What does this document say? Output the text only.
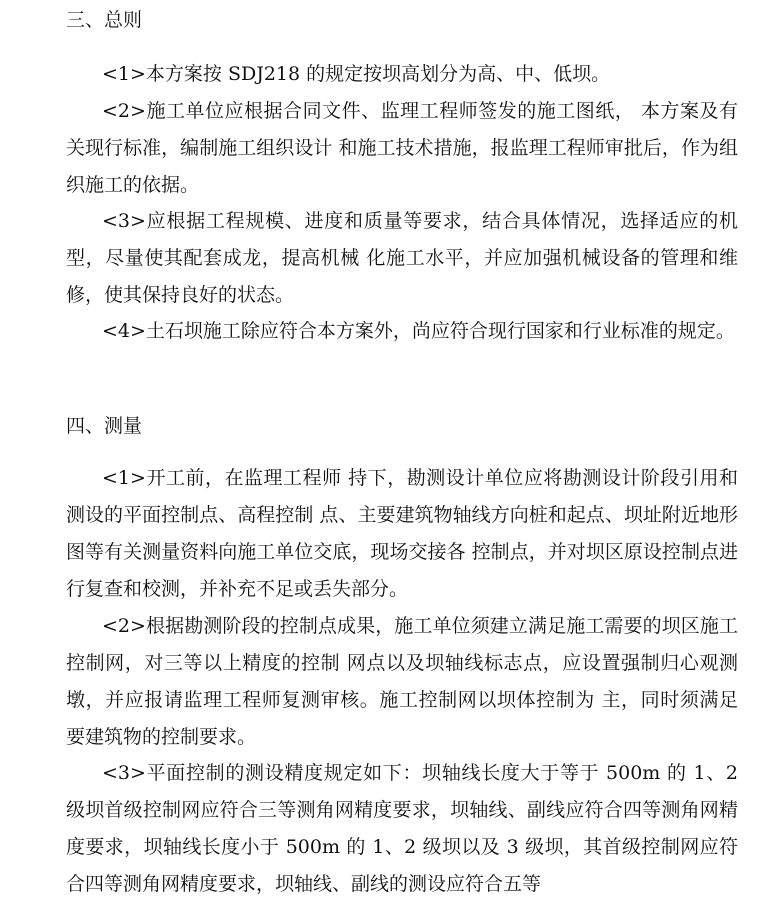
三、总则

<1>本方案按 SDJ218 的规定按坝高划分为高、中、低坝。

<2>施工单位应根据合同文件、监理工程师签发的施工图纸， 本方案及有关现行标准，编制施工组织设计 和施工技术措施，报监理工程师审批后，作为组织施工的依据。

<3>应根据工程规模、进度和质量等要求，结合具体情况，选择适应的机型，尽量使其配套成龙，提高机械 化施工水平，并应加强机械设备的管理和维修，使其保持良好的状态。

<4>土石坝施工除应符合本方案外，尚应符合现行国家和行业标准的规定。

四、测量

<1>开工前，在监理工程师 持下，勘测设计单位应将勘测设计阶段引用和测设的平面控制点、高程控制 点、主要建筑物轴线方向桩和起点、坝址附近地形图等有关测量资料向施工单位交底，现场交接各 控制点，并对坝区原设控制点进行复查和校测，并补充不足或丢失部分。

<2>根据勘测阶段的控制点成果，施工单位须建立满足施工需要的坝区施工控制网，对三等以上精度的控制 网点以及坝轴线标志点，应设置强制归心观测墩，并应报请监理工程师复测审核。施工控制网以坝体控制为 主，同时须满足 要建筑物的控制要求。

<3>平面控制的测设精度规定如下：坝轴线长度大于等于 500m 的 1、2 级坝首级控制网应符合三等测角网精度要求，坝轴线、副线应符合四等测角网精度要求，坝轴线长度小于 500m 的 1、2 级坝以及 3 级坝，其首级控制网应符合四等测角网精度要求，坝轴线、副线的测设应符合五等
